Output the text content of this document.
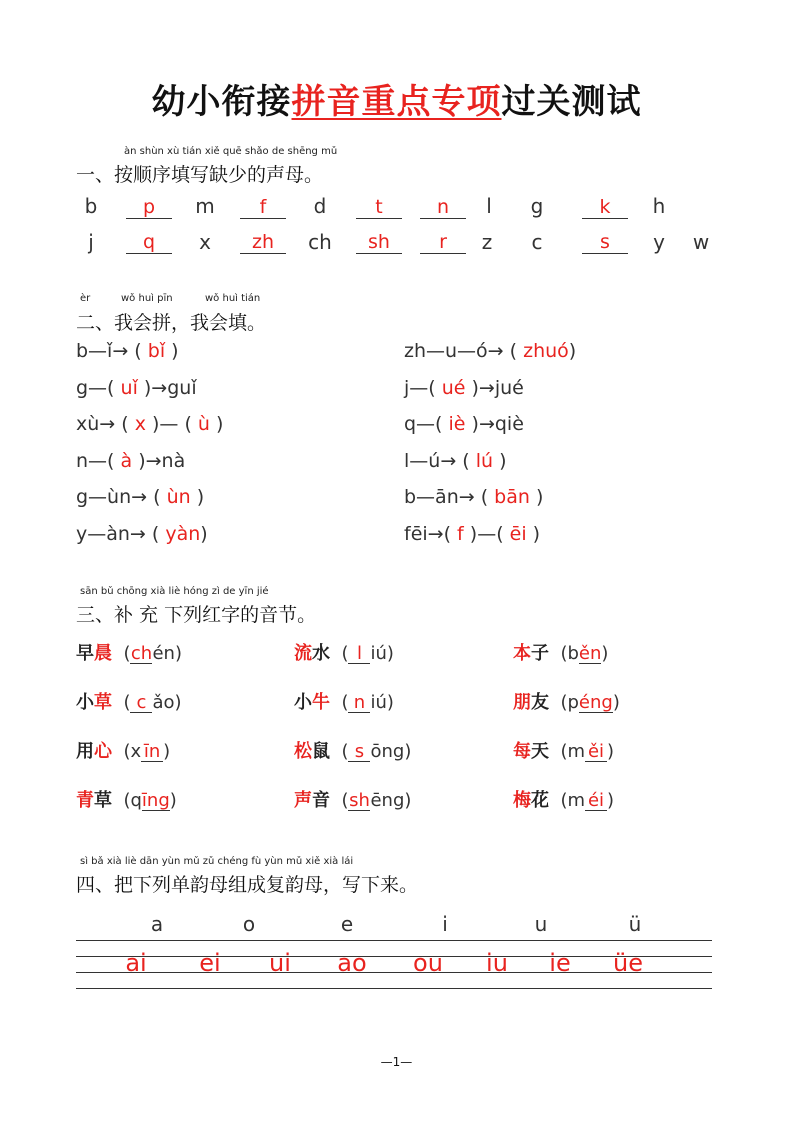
幼小衔接拼音重点专项过关测试
àn shùn xù tián xiě quē shǎo de shēng mǔ
一、按顺序填写缺少的声母。
b	p	m	f	d	t	n	l	g	k	h
j	q	x	zh	ch	sh	r	z	c	s	y	w
èr	wǒ huì pīn	wǒ huì tián
二、我会拼，我会填。
b—ǐ→ ( bǐ )
g—( uǐ )→guǐ
xù→ ( x )— ( ù )
n—( à )→nà
g—ùn→ ( ùn )
y—àn→ ( yàn)
zh—u—ó→ ( zhuó)
j—( ué )→jué
q—( iè )→qiè
l—ú→ ( lú )
b—ān→ ( bān )
fēi→( f )—( ēi )
sān bǔ chōng xià liè hóng zì de yīn jié
三、补 充 下列红字的音节。
早晨 (chén)	流水 ( l iú)	本子 (běn)
小草 ( c ǎo)	小牛 ( n iú)	朋友 (péng)
用心 (x īn )	松鼠 ( s ōng)	每天 (m ěi )
青草 (qīng)	声音 (shēng)	梅花 (m éi )
sì bǎ xià liè dān yùn mǔ zǔ chéng fù yùn mǔ xiě xià lái
四、把下列单韵母组成复韵母，写下来。
a	o	e	i	u	ü
ai	ei	ui	ao	ou	iu	ie	üe
—1—
